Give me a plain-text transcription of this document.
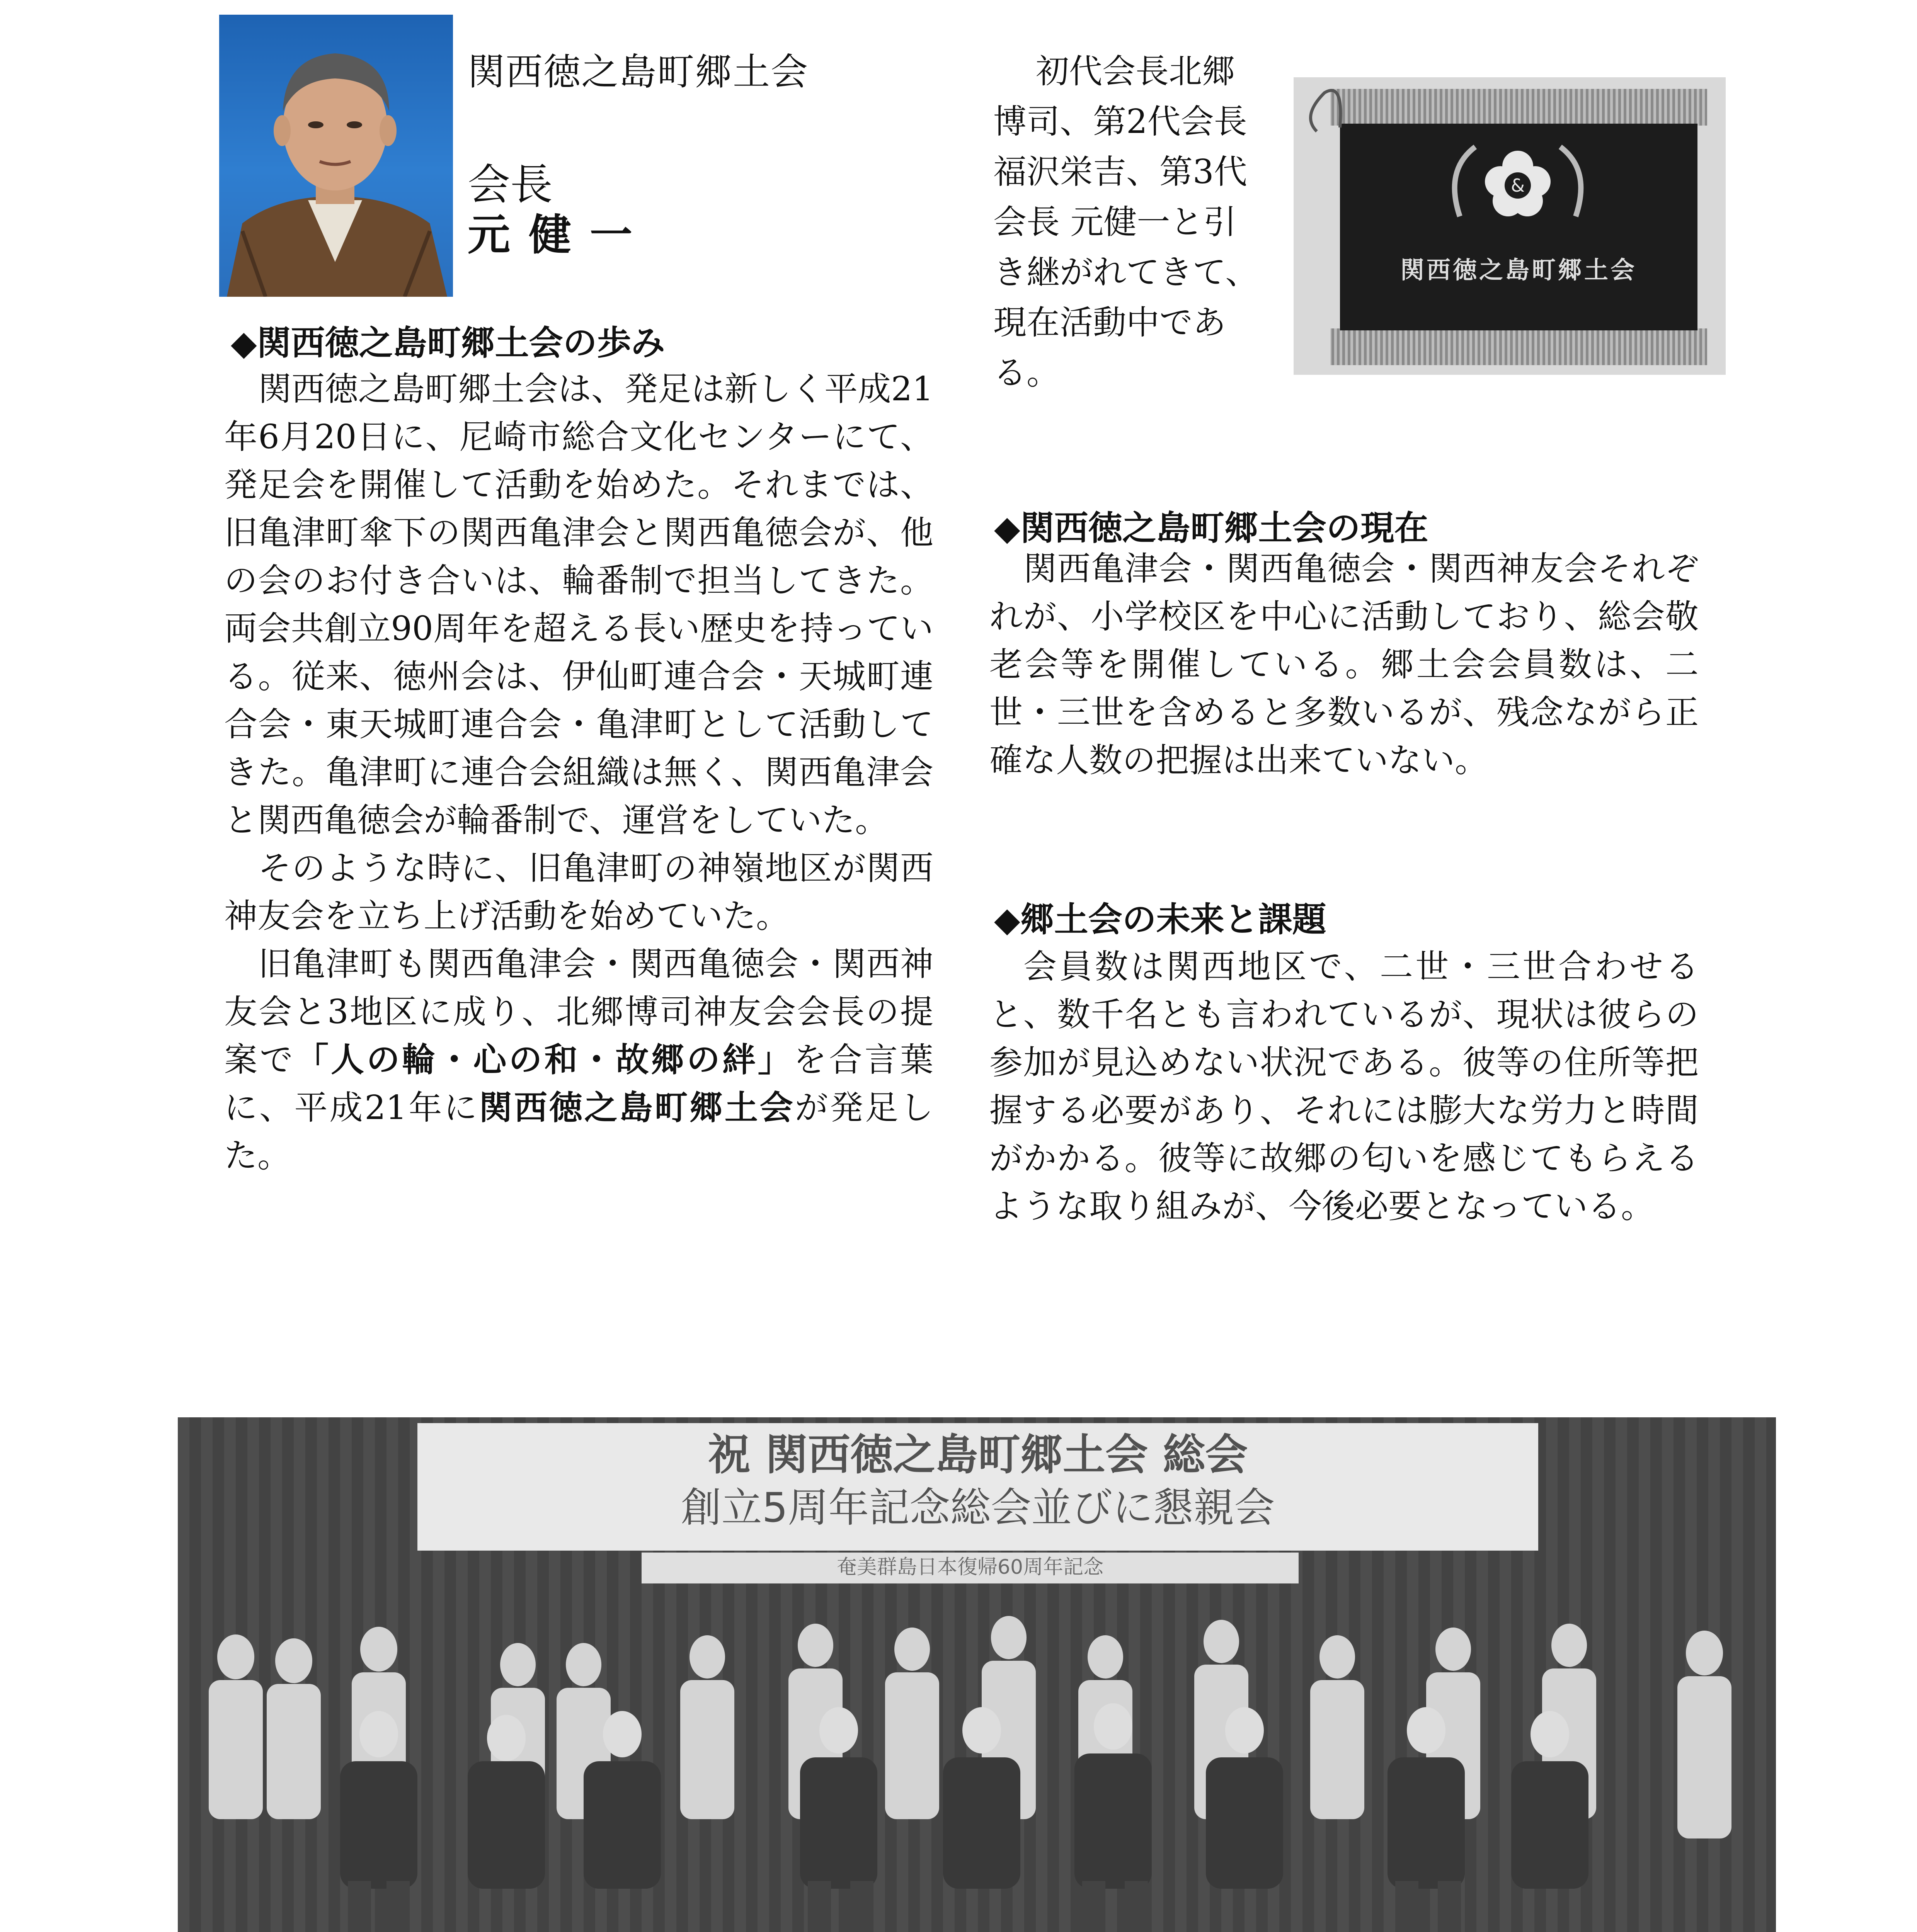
関西徳之島町郷土会
会長
元健一
◆関西徳之島町郷土会の歩み

関西徳之島町郷土会は、発足は新しく平成21年6月20日に、尼崎市総合文化センターにて、発足会を開催して活動を始めた。それまでは、旧亀津町傘下の関西亀津会と関西亀徳会が、他の会のお付き合いは、輪番制で担当してきた。両会共創立90周年を超える長い歴史を持っている。従来、徳州会は、伊仙町連合会・天城町連合会・東天城町連合会・亀津町として活動してきた。亀津町に連合会組織は無く、関西亀津会と関西亀徳会が輪番制で、運営をしていた。

そのような時に、旧亀津町の神嶺地区が関西神友会を立ち上げ活動を始めていた。

旧亀津町も関西亀津会・関西亀徳会・関西神友会と3地区に成り、北郷博司神友会会長の提案で「人の輪・心の和・故郷の絆」を合言葉に、平成21年に関西徳之島町郷土会が発足した。

初代会長北郷博司、第2代会長福沢栄吉、第3代会長 元健一と引き継がれてきて、現在活動中である。

&
関西徳之島町郷土会
◆関西徳之島町郷土会の現在

関西亀津会・関西亀徳会・関西神友会それぞれが、小学校区を中心に活動しており、総会敬老会等を開催している。郷土会会員数は、二世・三世を含めると多数いるが、残念ながら正確な人数の把握は出来ていない。

◆郷土会の未来と課題

会員数は関西地区で、二世・三世合わせると、数千名とも言われているが、現状は彼らの参加が見込めない状況である。彼等の住所等把握する必要があり、それには膨大な労力と時間がかかる。彼等に故郷の匂いを感じてもらえるような取り組みが、今後必要となっている。

祝 関西徳之島町郷土会 総会
創立5周年記念総会並びに懇親会
奄美群島日本復帰60周年記念
